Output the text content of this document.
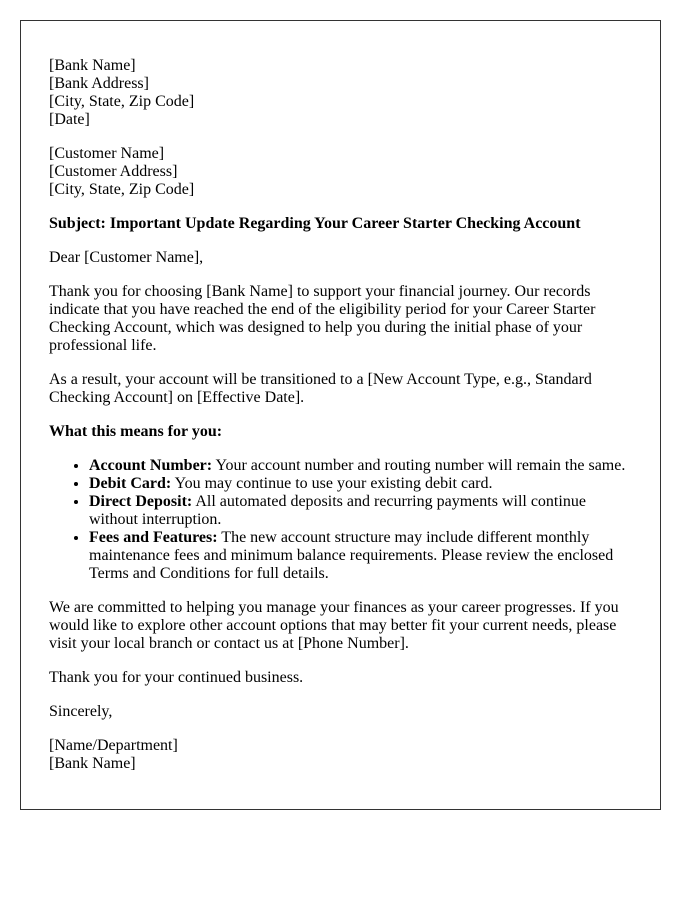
[Bank Name]
[Bank Address]
[City, State, Zip Code]
[Date]

[Customer Name]
[Customer Address]
[City, State, Zip Code]

Subject: Important Update Regarding Your Career Starter Checking Account

Dear [Customer Name],

Thank you for choosing [Bank Name] to support your financial journey. Our records indicate that you have reached the end of the eligibility period for your Career Starter Checking Account, which was designed to help you during the initial phase of your professional life.

As a result, your account will be transitioned to a [New Account Type, e.g., Standard Checking Account] on [Effective Date].

What this means for you:

• Account Number: Your account number and routing number will remain the same.
• Debit Card: You may continue to use your existing debit card.
• Direct Deposit: All automated deposits and recurring payments will continue without interruption.
• Fees and Features: The new account structure may include different monthly maintenance fees and minimum balance requirements. Please review the enclosed Terms and Conditions for full details.

We are committed to helping you manage your finances as your career progresses. If you would like to explore other account options that may better fit your current needs, please visit your local branch or contact us at [Phone Number].

Thank you for your continued business.

Sincerely,

[Name/Department]
[Bank Name]
